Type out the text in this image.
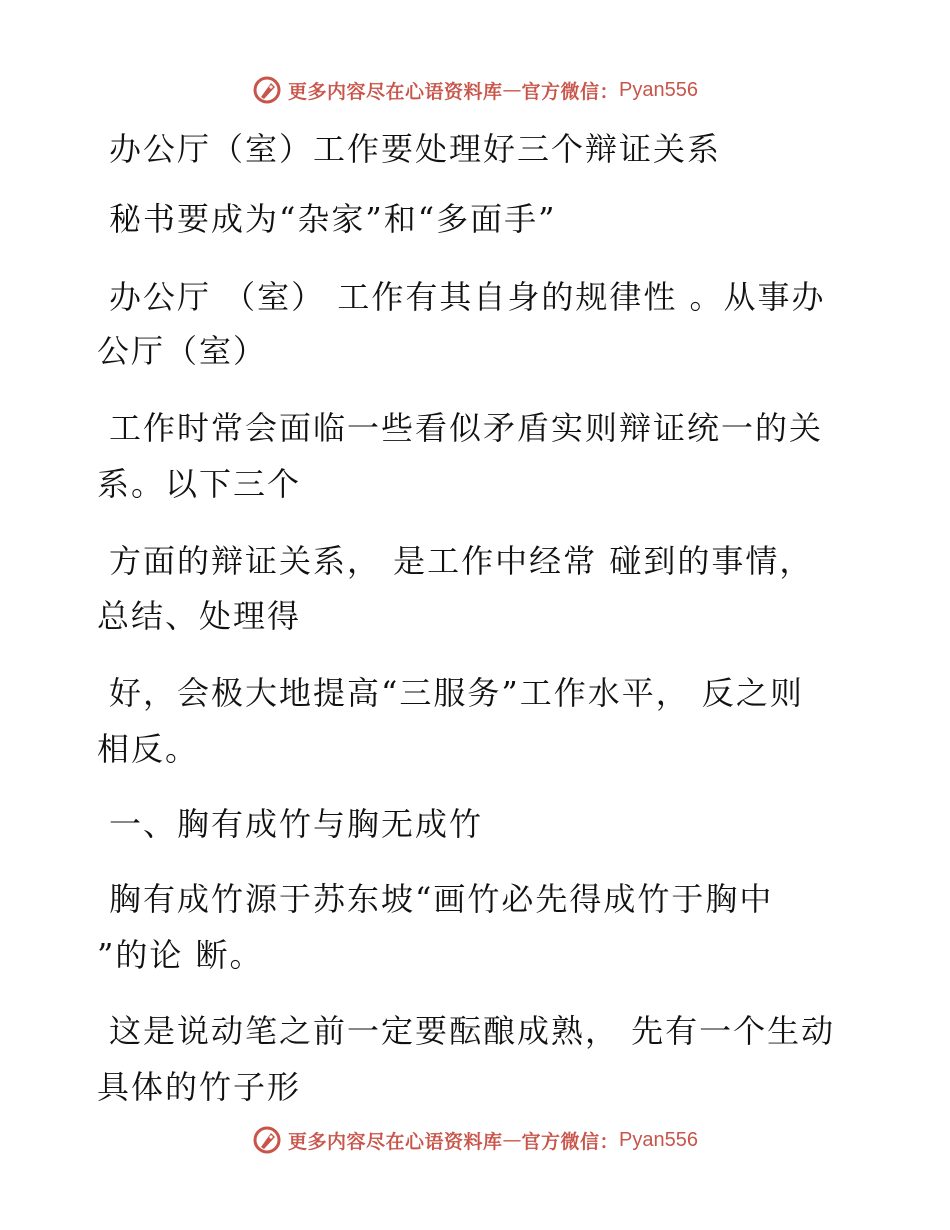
更多内容尽在心语资料库 — 官方微信： Pyan556

办公厅（室）工作要处理好三个辩证关系

秘书要成为“杂家”和“多面手”

办公厅 （室） 工作有其自身的规律性 。从事办

公厅（室）

工作时常会面临一些看似矛盾实则辩证统一的关

系。以下三个

方面的辩证关系， 是工作中经常 碰到的事情，

总结、处理得

好，会极大地提高“三服务”工作水平， 反之则

相反。

一、胸有成竹与胸无成竹

胸有成竹源于苏东坡“画竹必先得成竹于胸中

”的论 断。

这是说动笔之前一定要酝酿成熟， 先有一个生动

具体的竹子形

更多内容尽在心语资料库 — 官方微信： Pyan556
